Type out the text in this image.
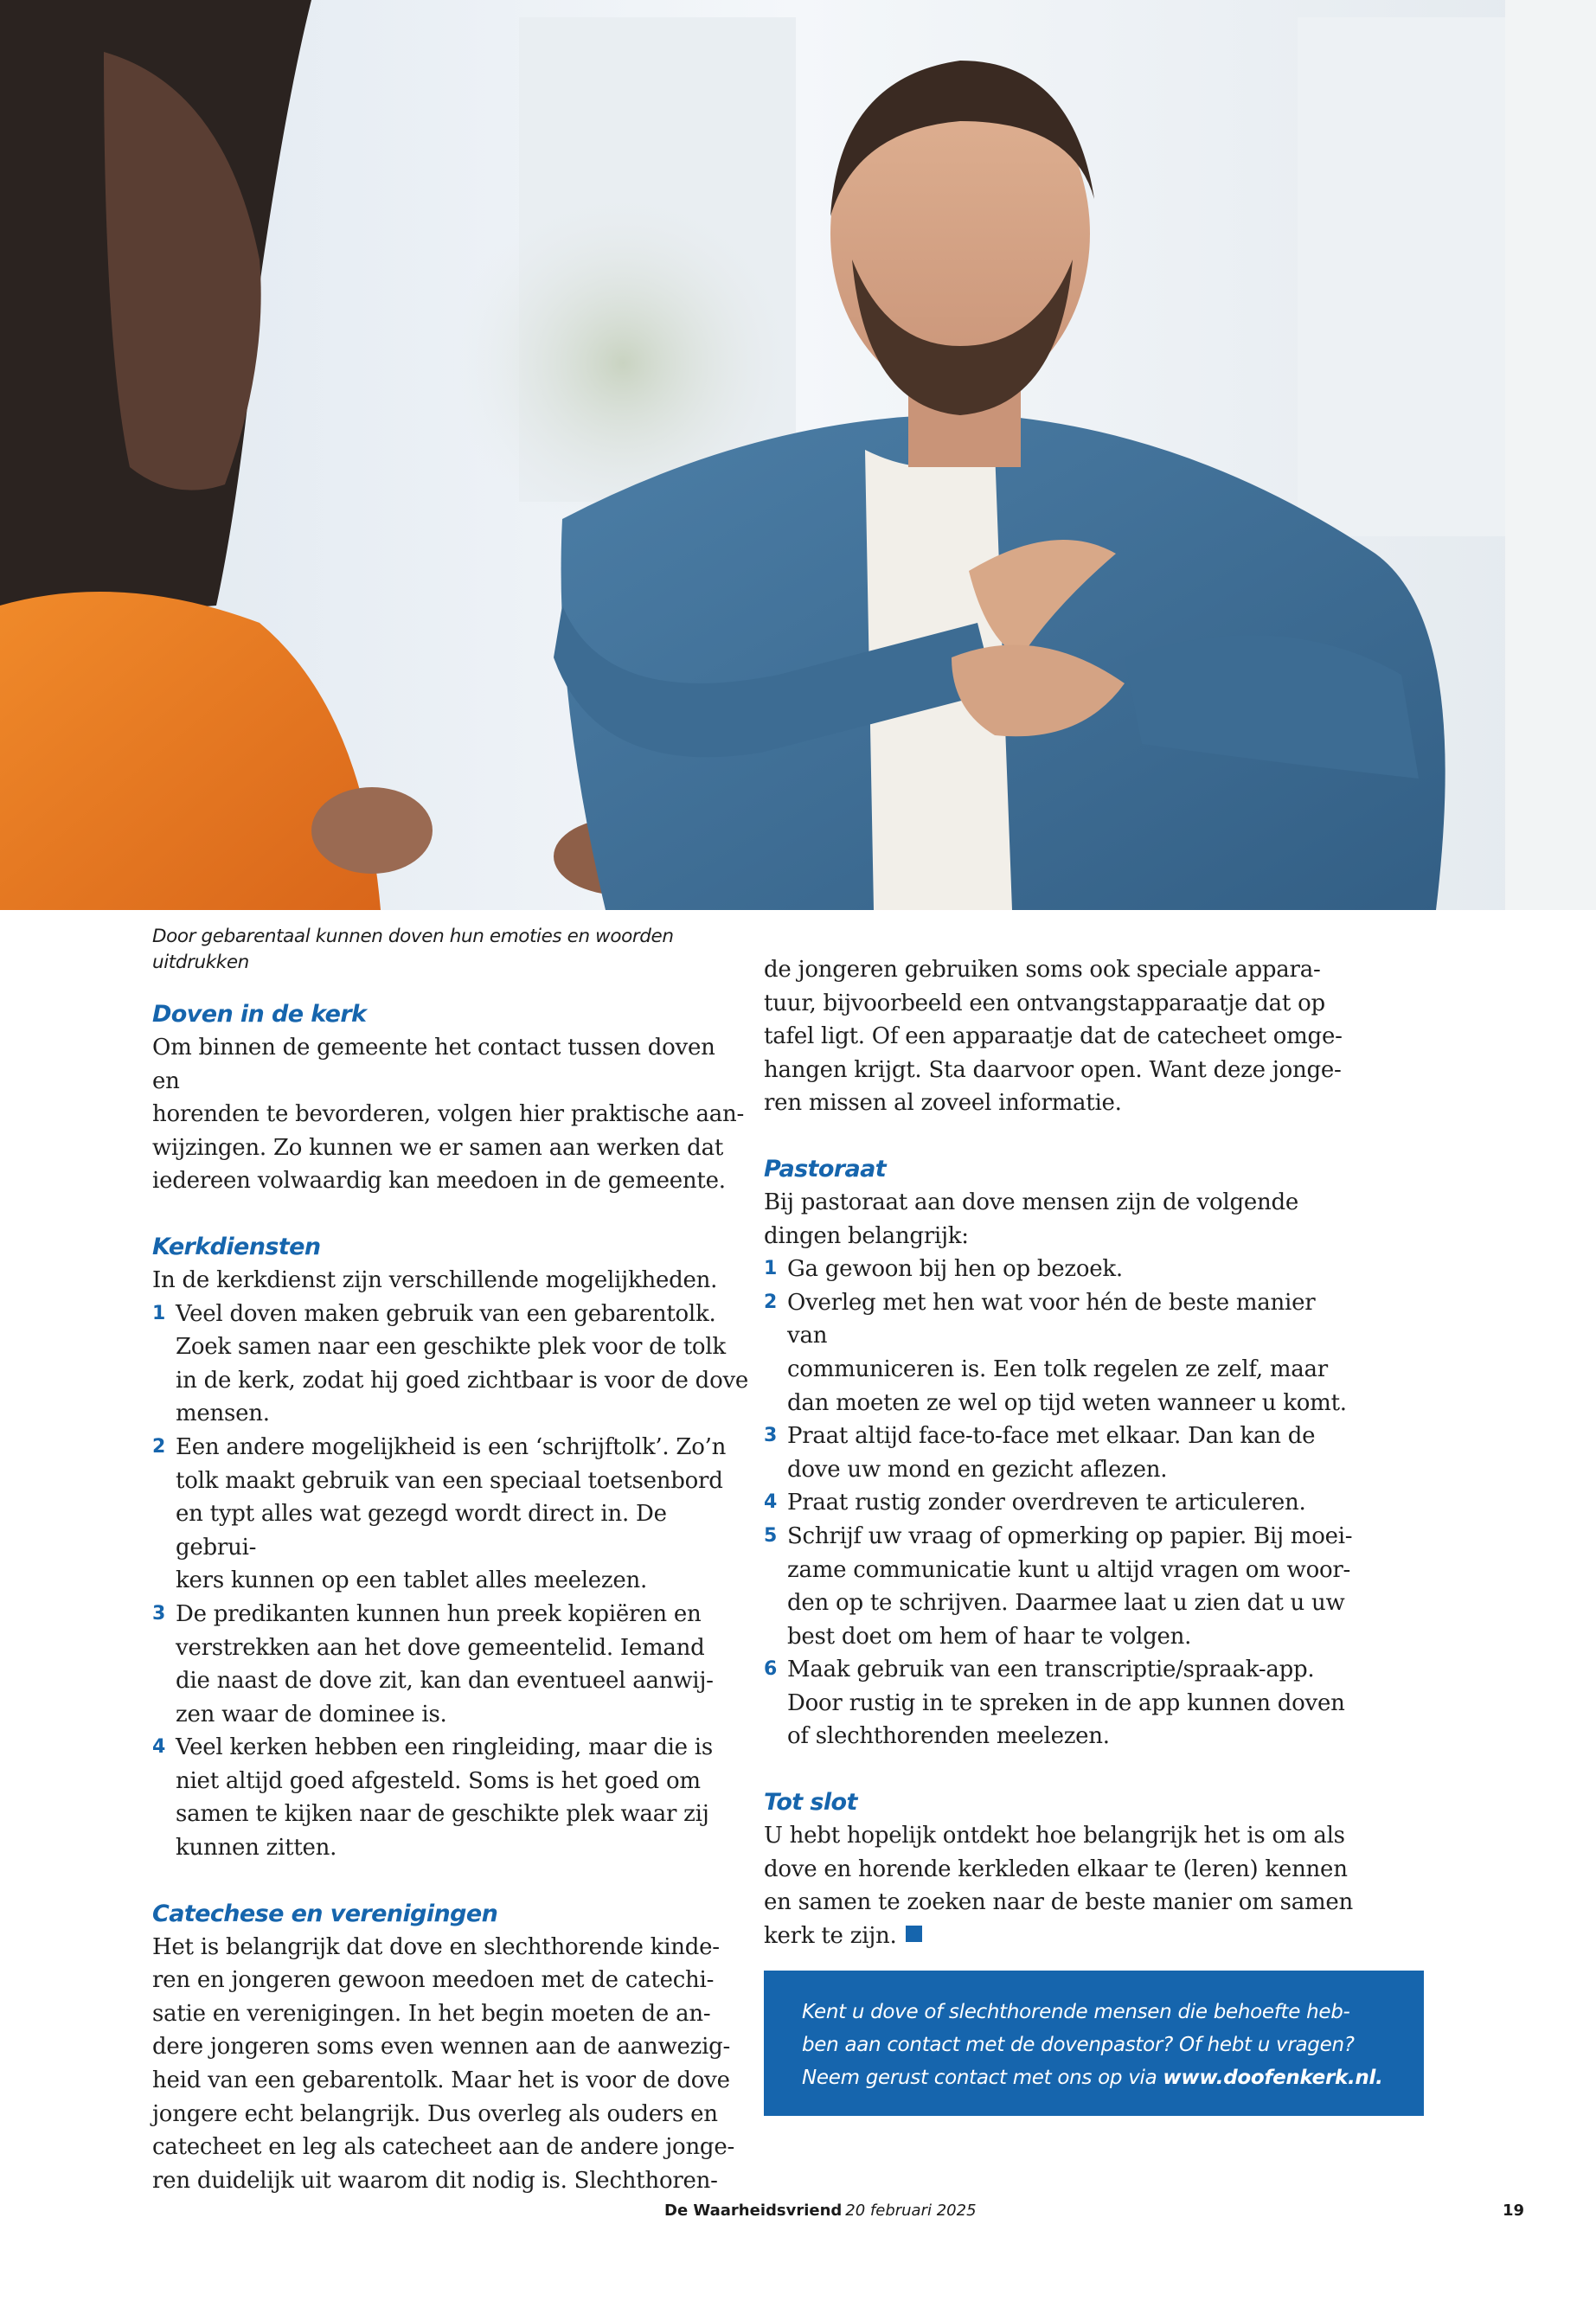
Door gebarentaal kunnen doven hun emoties en woorden uitdrukken
Doven in de kerk

Om binnen de gemeente het contact tussen doven en
horenden te bevorderen, volgen hier praktische aan-
wijzingen. Zo kunnen we er samen aan werken dat
iedereen volwaardig kan meedoen in de gemeente.

Kerkdiensten

In de kerkdienst zijn verschillende mogelijkheden.

1 Veel doven maken gebruik van een gebarentolk.
Zoek samen naar een geschikte plek voor de tolk
in de kerk, zodat hij goed zichtbaar is voor de dove
mensen.
2 Een andere mogelijkheid is een ‘schrijftolk’. Zo’n
tolk maakt gebruik van een speciaal toetsenbord
en typt alles wat gezegd wordt direct in. De gebrui-
kers kunnen op een tablet alles meelezen.
3 De predikanten kunnen hun preek kopiëren en
verstrekken aan het dove gemeentelid. Iemand
die naast de dove zit, kan dan eventueel aanwij-
zen waar de dominee is.
4 Veel kerken hebben een ringleiding, maar die is
niet altijd goed afgesteld. Soms is het goed om
samen te kijken naar de geschikte plek waar zij
kunnen zitten.
Catechese en verenigingen

Het is belangrijk dat dove en slechthorende kinde-
ren en jongeren gewoon meedoen met de catechi-
satie en verenigingen. In het begin moeten de an-
dere jongeren soms even wennen aan de aanwezig-
heid van een gebarentolk. Maar het is voor de dove
jongere echt belangrijk. Dus overleg als ouders en
catecheet en leg als catecheet aan de andere jonge-
ren duidelijk uit waarom dit nodig is. Slechthoren-

de jongeren gebruiken soms ook speciale appara-
tuur, bijvoorbeeld een ontvangstapparaatje dat op
tafel ligt. Of een apparaatje dat de catecheet omge-
hangen krijgt. Sta daarvoor open. Want deze jonge-
ren missen al zoveel informatie.

Pastoraat

Bij pastoraat aan dove mensen zijn de volgende
dingen belangrijk:

1 Ga gewoon bij hen op bezoek.
2 Overleg met hen wat voor hén de beste manier van
communiceren is. Een tolk regelen ze zelf, maar
dan moeten ze wel op tijd weten wanneer u komt.
3 Praat altijd face-to-face met elkaar. Dan kan de
dove uw mond en gezicht aflezen.
4 Praat rustig zonder overdreven te articuleren.
5 Schrijf uw vraag of opmerking op papier. Bij moei-
zame communicatie kunt u altijd vragen om woor-
den op te schrijven. Daarmee laat u zien dat u uw
best doet om hem of haar te volgen.
6 Maak gebruik van een transcriptie/spraak-app.
Door rustig in te spreken in de app kunnen doven
of slechthorenden meelezen.
Tot slot

U hebt hopelijk ontdekt hoe belangrijk het is om als
dove en horende kerkleden elkaar te (leren) kennen
en samen te zoeken naar de beste manier om samen
kerk te zijn.

Kent u dove of slechthorende mensen die behoefte heb-
ben aan contact met de dovenpastor? Of hebt u vragen?
Neem gerust contact met ons op via www.doofenkerk.nl.
De Waarheidsvriend 20 februari 2025	19
